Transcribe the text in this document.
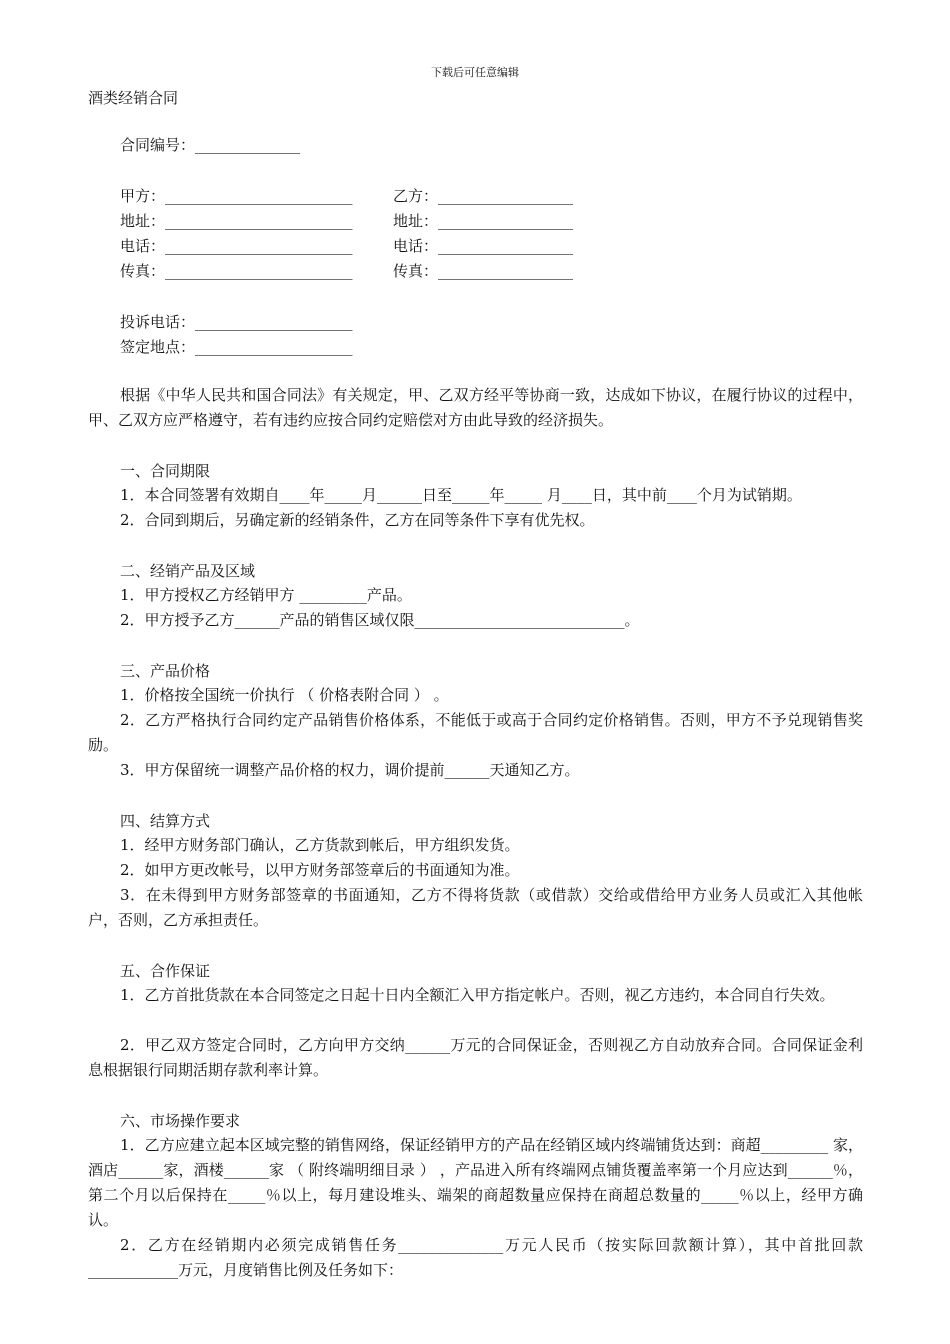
下载后可任意编辑
酒类经销合同
合同编号：______________
甲方：_________________________	乙方：__________________
地址：_________________________	地址：__________________
电话：_________________________	电话：__________________
传真：_________________________	传真：__________________
投诉电话：_____________________
签定地点：_____________________
根据《中华人民共和国合同法》有关规定，甲、乙双方经平等协商一致，达成如下协议，在履行协议的过程中，甲、乙双方应严格遵守，若有违约应按合同约定赔偿对方由此导致的经济损失。
一、合同期限
1．本合同签署有效期自____年_____月______日至_____年_____ 月____日，其中前____个月为试销期。
2．合同到期后，另确定新的经销条件，乙方在同等条件下享有优先权。
二、经销产品及区域
1．甲方授权乙方经销甲方 _________产品。
2．甲方授予乙方______产品的销售区域仅限____________________________。
三、产品价格
1．价格按全国统一价执行 （ 价格表附合同 ） 。
2．乙方严格执行合同约定产品销售价格体系，不能低于或高于合同约定价格销售。否则，甲方不予兑现销售奖励。
3．甲方保留统一调整产品价格的权力，调价提前______天通知乙方。
四、结算方式
1．经甲方财务部门确认，乙方货款到帐后，甲方组织发货。
2．如甲方更改帐号，以甲方财务部签章后的书面通知为准。
3．在未得到甲方财务部签章的书面通知，乙方不得将货款（或借款）交给或借给甲方业务人员或汇入其他帐户，否则，乙方承担责任。
五、合作保证
1．乙方首批货款在本合同签定之日起十日内全额汇入甲方指定帐户。否则，视乙方违约，本合同自行失效。
2．甲乙双方签定合同时，乙方向甲方交纳______万元的合同保证金，否则视乙方自动放弃合同。合同保证金利息根据银行同期活期存款利率计算。
六、市场操作要求
1．乙方应建立起本区域完整的销售网络，保证经销甲方的产品在经销区域内终端铺货达到：商超_________ 家，酒店______家，酒楼______家 （ 附终端明细目录 ） ，产品进入所有终端网点铺货覆盖率第一个月应达到______％，第二个月以后保持在_____％以上，每月建设堆头、端架的商超数量应保持在商超总数量的_____％以上，经甲方确认。
2．乙方在经销期内必须完成销售任务______________万元人民币（按实际回款额计算），其中首批回款____________万元，月度销售比例及任务如下：
